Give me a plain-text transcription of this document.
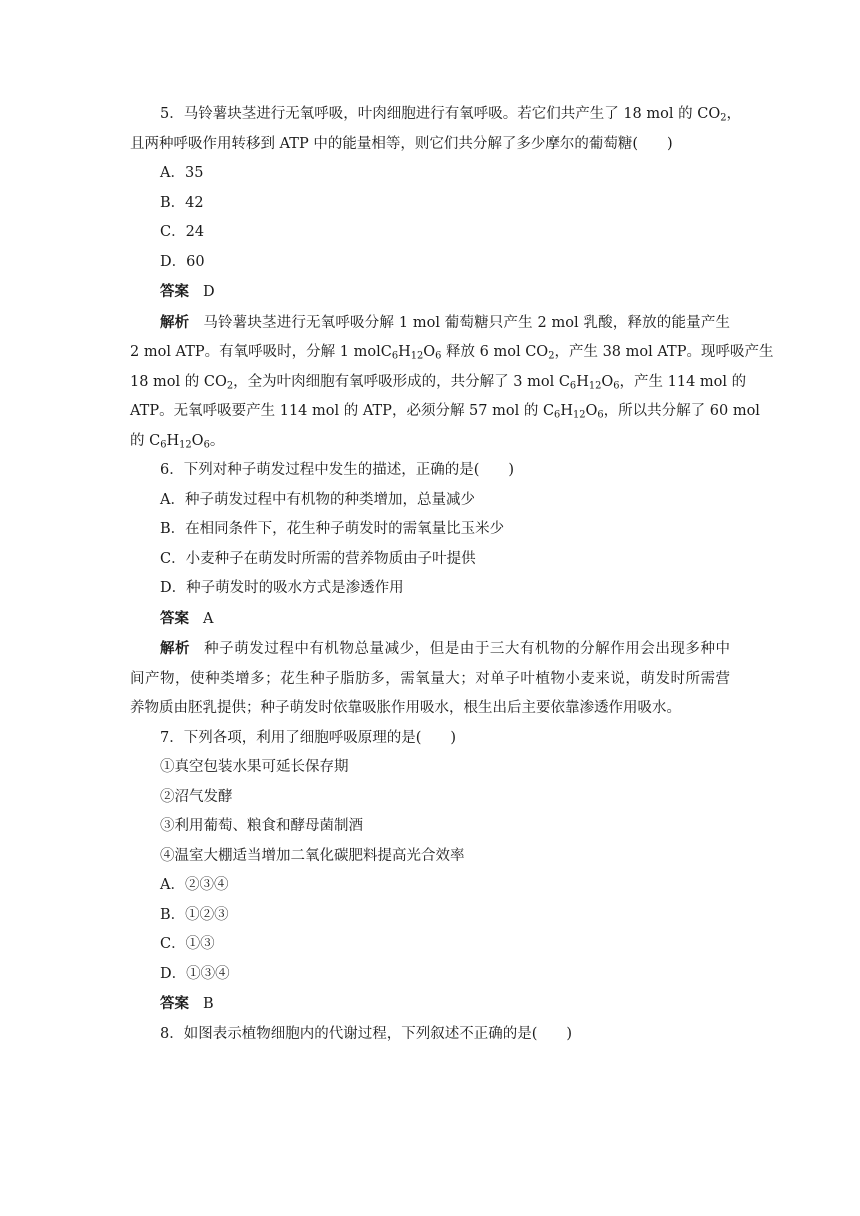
5．马铃薯块茎进行无氧呼吸，叶肉细胞进行有氧呼吸。若它们共产生了 18 mol 的 $CO_2$，
且两种呼吸作用转移到 ATP 中的能量相等，则它们共分解了多少摩尔的葡萄糖(　　)
A．35
B．42
C．24
D．60
答案 D
解析 马铃薯块茎进行无氧呼吸分解 1 mol 葡萄糖只产生 2 mol 乳酸，释放的能量产生
2 mol ATP。有氧呼吸时，分解 1 $molC_6H_{12}O_6$ 释放 6 mol $CO_2$，产生 38 mol ATP。现呼吸产生
18 mol 的 $CO_2$，全为叶肉细胞有氧呼吸形成的，共分解了 3 mol $C_6H_{12}O_6$，产生 114 mol 的
ATP。无氧呼吸要产生 114 mol 的 ATP，必须分解 57 mol 的 $C_6H_{12}O_6$，所以共分解了 60 mol
的 $C_6H_{12}O_6$。
6．下列对种子萌发过程中发生的描述，正确的是(　　)
A．种子萌发过程中有机物的种类增加，总量减少
B．在相同条件下，花生种子萌发时的需氧量比玉米少
C．小麦种子在萌发时所需的营养物质由子叶提供
D．种子萌发时的吸水方式是渗透作用
答案 A
解析 种子萌发过程中有机物总量减少，但是由于三大有机物的分解作用会出现多种中
间产物，使种类增多；花生种子脂肪多，需氧量大；对单子叶植物小麦来说，萌发时所需营
养物质由胚乳提供；种子萌发时依靠吸胀作用吸水，根生出后主要依靠渗透作用吸水。
7．下列各项，利用了细胞呼吸原理的是(　　)
①真空包装水果可延长保存期
②沼气发酵
③利用葡萄、粮食和酵母菌制酒
④温室大棚适当增加二氧化碳肥料提高光合效率
A．②③④
B．①②③
C．①③
D．①③④
答案 B
8．如图表示植物细胞内的代谢过程，下列叙述不正确的是(　　)
